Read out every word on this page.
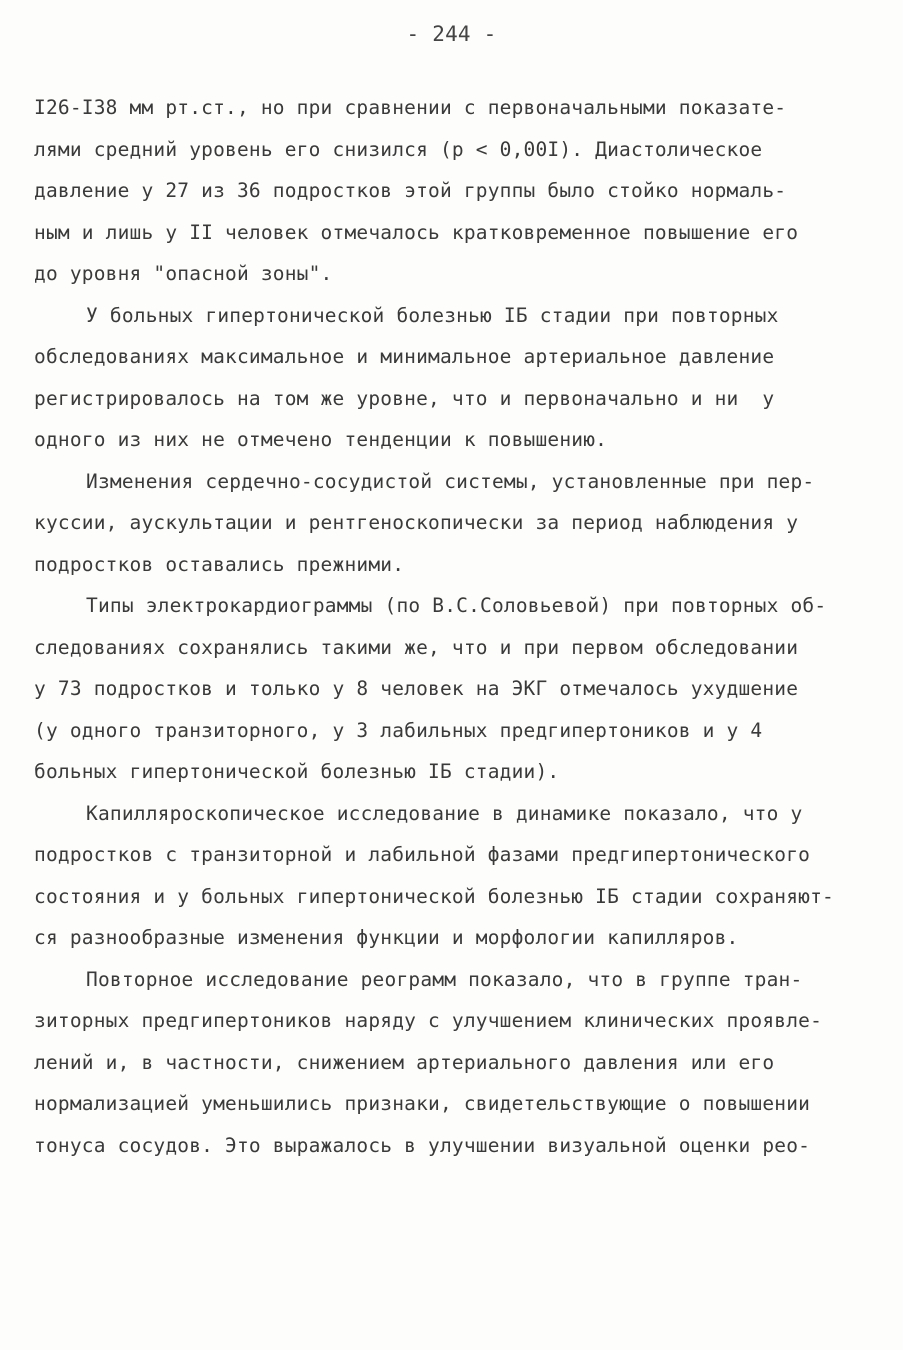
- 244 -
I26-I38 мм рт.ст., но при сравнении с первоначальными показате-
лями средний уровень его снизился (р < 0,00I). Диастолическое
давление у 27 из 36 подростков этой группы было стойко нормаль-
ным и лишь у II человек отмечалось кратковременное повышение его
до уровня "опасной зоны".
У больных гипертонической болезнью IБ стадии при повторных
обследованиях максимальное и минимальное артериальное давление
регистрировалось на том же уровне, что и первоначально и ни  у
одного из них не отмечено тенденции к повышению.
Изменения сердечно-сосудистой системы, установленные при пер-
куссии, аускультации и рентгеноскопически за период наблюдения у
подростков оставались прежними.
Типы электрокардиограммы (по В.С.Соловьевой) при повторных об-
следованиях сохранялись такими же, что и при первом обследовании
у 73 подростков и только у 8 человек на ЭКГ отмечалось ухудшение
(у одного транзиторного, у 3 лабильных предгипертоников и у 4
больных гипертонической болезнью IБ стадии).
Капилляроскопическое исследование в динамике показало, что у
подростков с транзиторной и лабильной фазами предгипертонического
состояния и у больных гипертонической болезнью IБ стадии сохраняют-
ся разнообразные изменения функции и морфологии капилляров.
Повторное исследование реограмм показало, что в группе тран-
зиторных предгипертоников наряду с улучшением клинических проявле-
лений и, в частности, снижением артериального давления или его
нормализацией уменьшились признаки, свидетельствующие о повышении
тонуса сосудов. Это выражалось в улучшении визуальной оценки рео-
